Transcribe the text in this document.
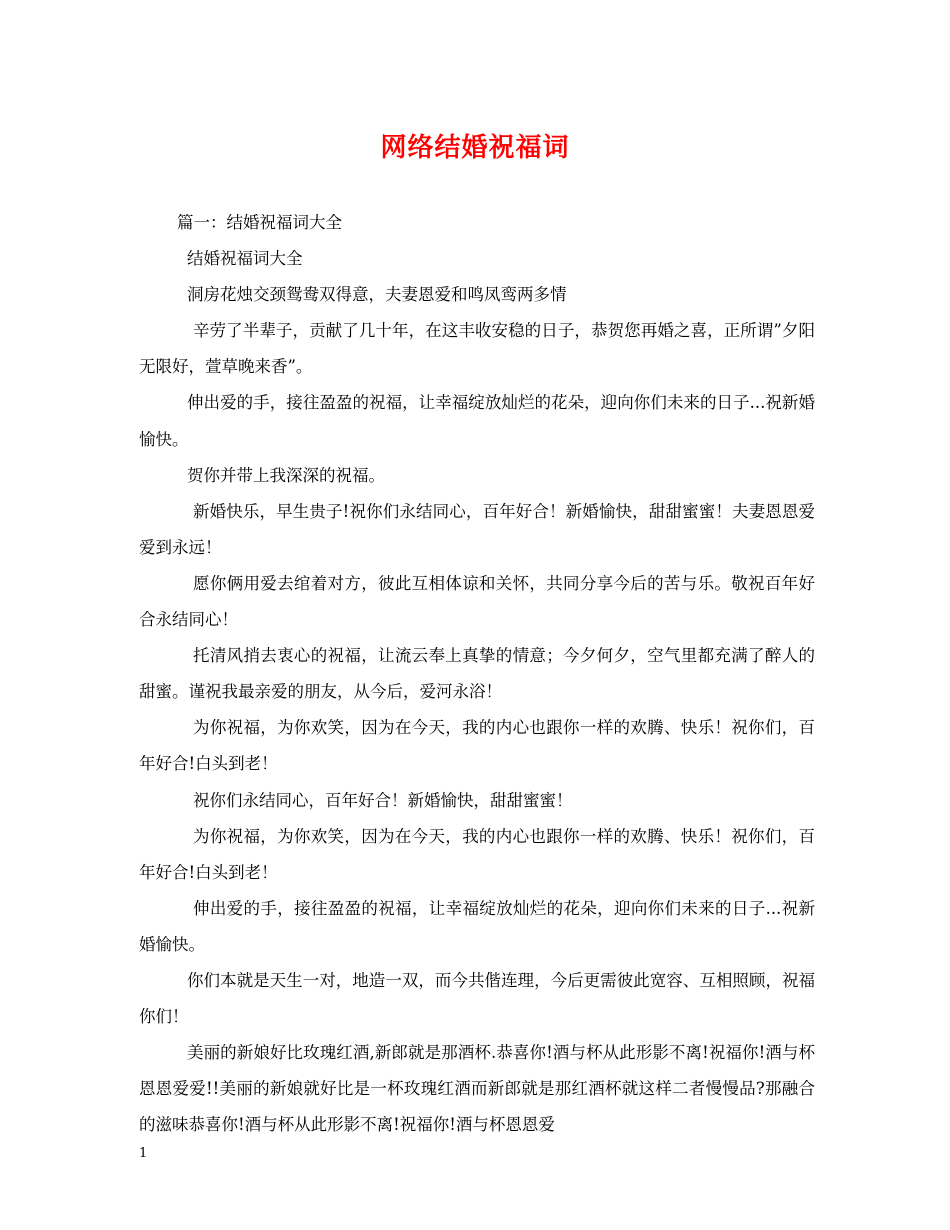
网络结婚祝福词

篇一：结婚祝福词大全

结婚祝福词大全

洞房花烛交颈鸳鸯双得意，夫妻恩爱和鸣凤鸾两多情

辛劳了半辈子，贡献了几十年，在这丰收安稳的日子，恭贺您再婚之喜，正所谓”夕阳无限好，萱草晚来香”。

伸出爱的手，接往盈盈的祝福，让幸福绽放灿烂的花朵，迎向你们未来的日子...祝新婚愉快。

贺你并带上我深深的祝福。

新婚快乐，早生贵子!祝你们永结同心，百年好合！新婚愉快，甜甜蜜蜜！夫妻恩恩爱爱到永远！

愿你俩用爱去绾着对方，彼此互相体谅和关怀，共同分享今后的苦与乐。敬祝百年好合永结同心！

托清风捎去衷心的祝福，让流云奉上真挚的情意；今夕何夕，空气里都充满了醉人的甜蜜。谨祝我最亲爱的朋友，从今后，爱河永浴！

为你祝福，为你欢笑，因为在今天，我的内心也跟你一样的欢腾、快乐！祝你们，百年好合!白头到老！

祝你们永结同心，百年好合！新婚愉快，甜甜蜜蜜！

为你祝福，为你欢笑，因为在今天，我的内心也跟你一样的欢腾、快乐！祝你们，百年好合!白头到老！

伸出爱的手，接往盈盈的祝福，让幸福绽放灿烂的花朵，迎向你们未来的日子...祝新婚愉快。

你们本就是天生一对，地造一双，而今共偕连理，今后更需彼此宽容、互相照顾，祝福你们！

美丽的新娘好比玫瑰红酒,新郎就是那酒杯.恭喜你!酒与杯从此形影不离!祝福你!酒与杯恩恩爱爱!!美丽的新娘就好比是一杯玫瑰红酒而新郎就是那红酒杯就这样二者慢慢品?那融合的滋味恭喜你!酒与杯从此形影不离!祝福你!酒与杯恩恩爱

1
